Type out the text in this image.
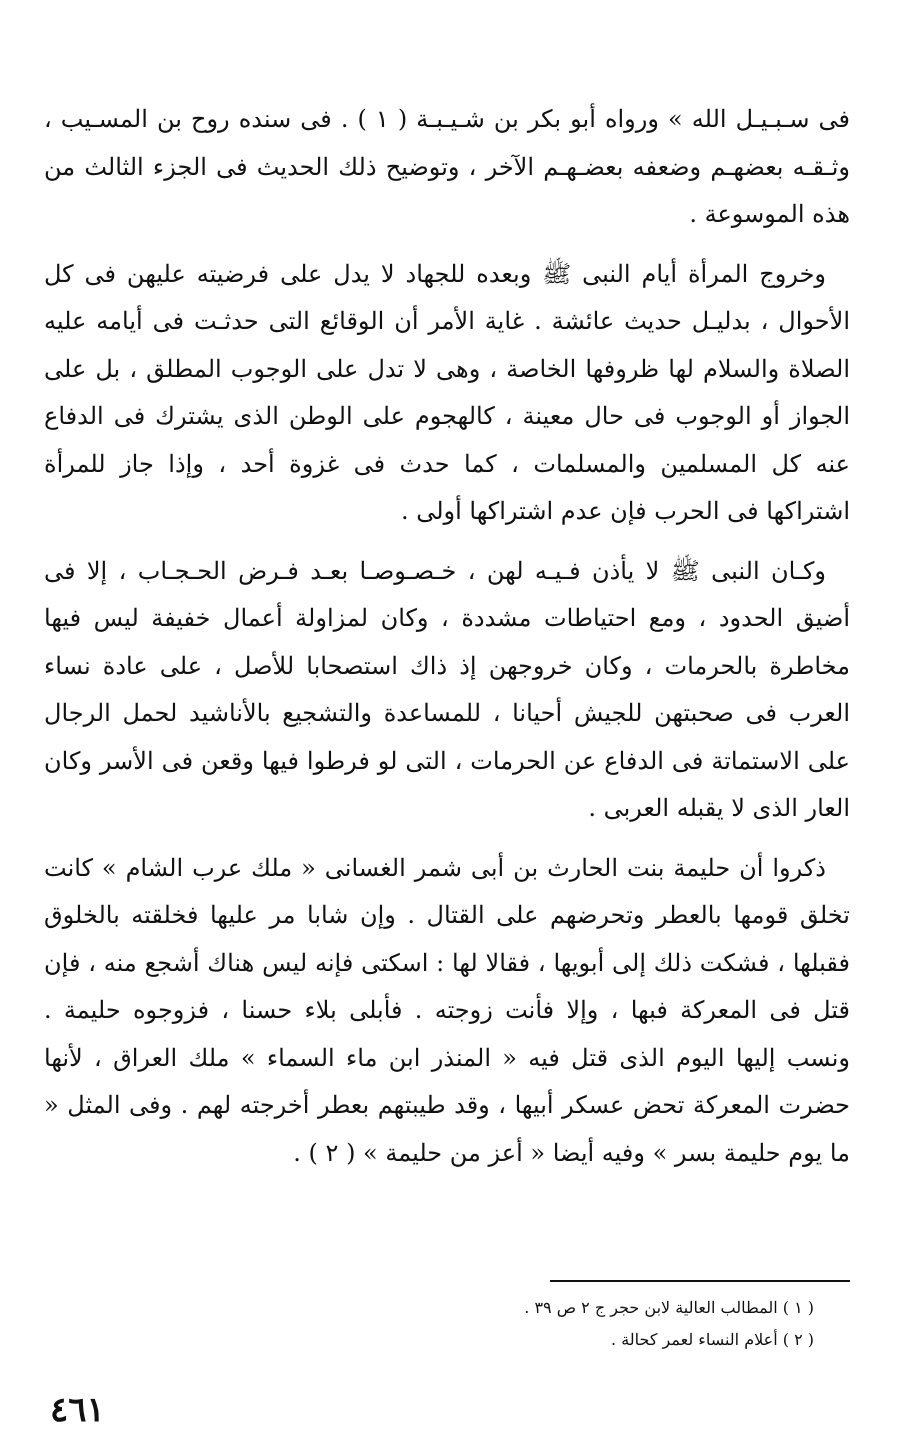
فى سـبـيـل الله » ورواه أبو بكر بن شـيـبـة ( ١ ) . فى سنده روح بن المسـيب ، وثـقـه بعضهـم وضعفه بعضـهـم الآخر ، وتوضيح ذلك الحديث فى الجزء الثالث من هذه الموسوعة .

وخروج المرأة أيام النبى ﷺ وبعده للجهاد لا يدل على فرضيته عليهن فى كل الأحوال ، بدليـل حديث عائشة . غاية الأمر أن الوقائع التى حدثـت فى أيامه عليه الصلاة والسلام لها ظروفها الخاصة ، وهى لا تدل على الوجوب المطلق ، بل على الجواز أو الوجوب فى حال معينة ، كالهجوم على الوطن الذى يشترك فى الدفاع عنه كل المسلمين والمسلمات ، كما حدث فى غزوة أحد ، وإذا جاز للمرأة اشتراكها فى الحرب فإن عدم اشتراكها أولى .

وكـان النبى ﷺ لا يأذن فـيـه لهن ، خـصـوصـا بعـد فـرض الحـجـاب ، إلا فى أضيق الحدود ، ومع احتياطات مشددة ، وكان لمزاولة أعمال خفيفة ليس فيها مخاطرة بالحرمات ، وكان خروجهن إذ ذاك استصحابا للأصل ، على عادة نساء العرب فى صحبتهن للجيش أحيانا ، للمساعدة والتشجيع بالأناشيد لحمل الرجال على الاستماتة فى الدفاع عن الحرمات ، التى لو فرطوا فيها وقعن فى الأسر وكان العار الذى لا يقبله العربى .

ذكروا أن حليمة بنت الحارث بن أبى شمر الغسانى « ملك عرب الشام » كانت تخلق قومها بالعطر وتحرضهم على القتال . وإن شابا مر عليها فخلقته بالخلوق فقبلها ، فشكت ذلك إلى أبويها ، فقالا لها : اسكتى فإنه ليس هناك أشجع منه ، فإن قتل فى المعركة فبها ، وإلا فأنت زوجته . فأبلى بلاء حسنا ، فزوجوه حليمة . ونسب إليها اليوم الذى قتل فيه « المنذر ابن ماء السماء » ملك العراق ، لأنها حضرت المعركة تحض عسكر أبيها ، وقد طيبتهم بعطر أخرجته لهم . وفى المثل « ما يوم حليمة بسر » وفيه أيضا « أعز من حليمة » ( ٢ ) .

( ١ ) المطالب العالية لابن حجر ج ٢ ص ٣٩ .

( ٢ ) أعلام النساء لعمر كحالة .

٤٦١
